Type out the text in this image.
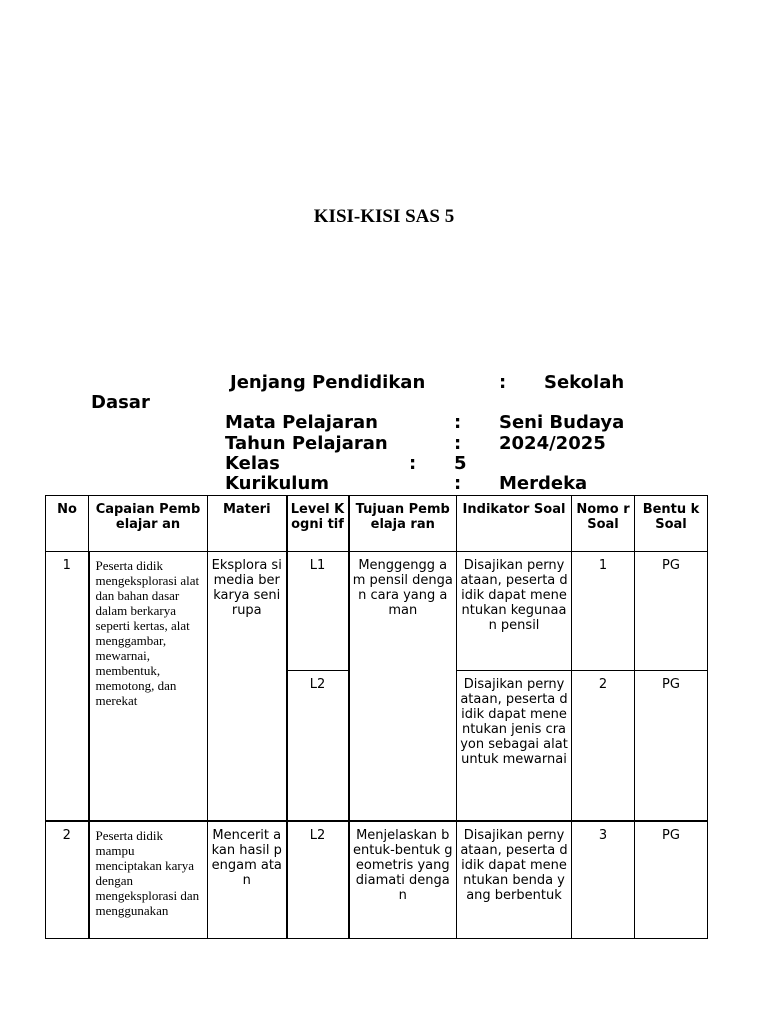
KISI-KISI SAS 5
Jenjang Pendidikan	: Sekolah
Dasar
Mata Pelajaran	: Seni Budaya
Tahun Pelajaran	: 2024/2025
Kelas	: 5
Kurikulum	: Merdeka
No	Capaian Pembelajar an	Materi	Level Kogni tif	Tujuan Pembelaja ran	Indikator Soal	Nomo r Soal	Bentu k Soal
1	Peserta didik mengeksplorasi alat dan bahan dasar dalam berkarya seperti kertas, alat menggambar, mewarnai, membentuk, memotong, dan merekat	Eksplora si media berkarya seni rupa	L1	Menggengg am pensil dengan cara yang aman	Disajikan pernyataan, peserta didik dapat menentukan kegunaan pensil	1	PG
			L2		Disajikan pernyataan, peserta didik dapat menentukan jenis crayon sebagai alat untuk mewarnai	2	PG
2	Peserta didik mampu menciptakan karya dengan mengeksplorasi dan menggunakan	Mencerit akan hasil pengam atan	L2	Menjelaskan bentuk-bentuk geometris yang diamati dengan	Disajikan pernyataan, peserta didik dapat menentukan benda yang berbentuk	3	PG
